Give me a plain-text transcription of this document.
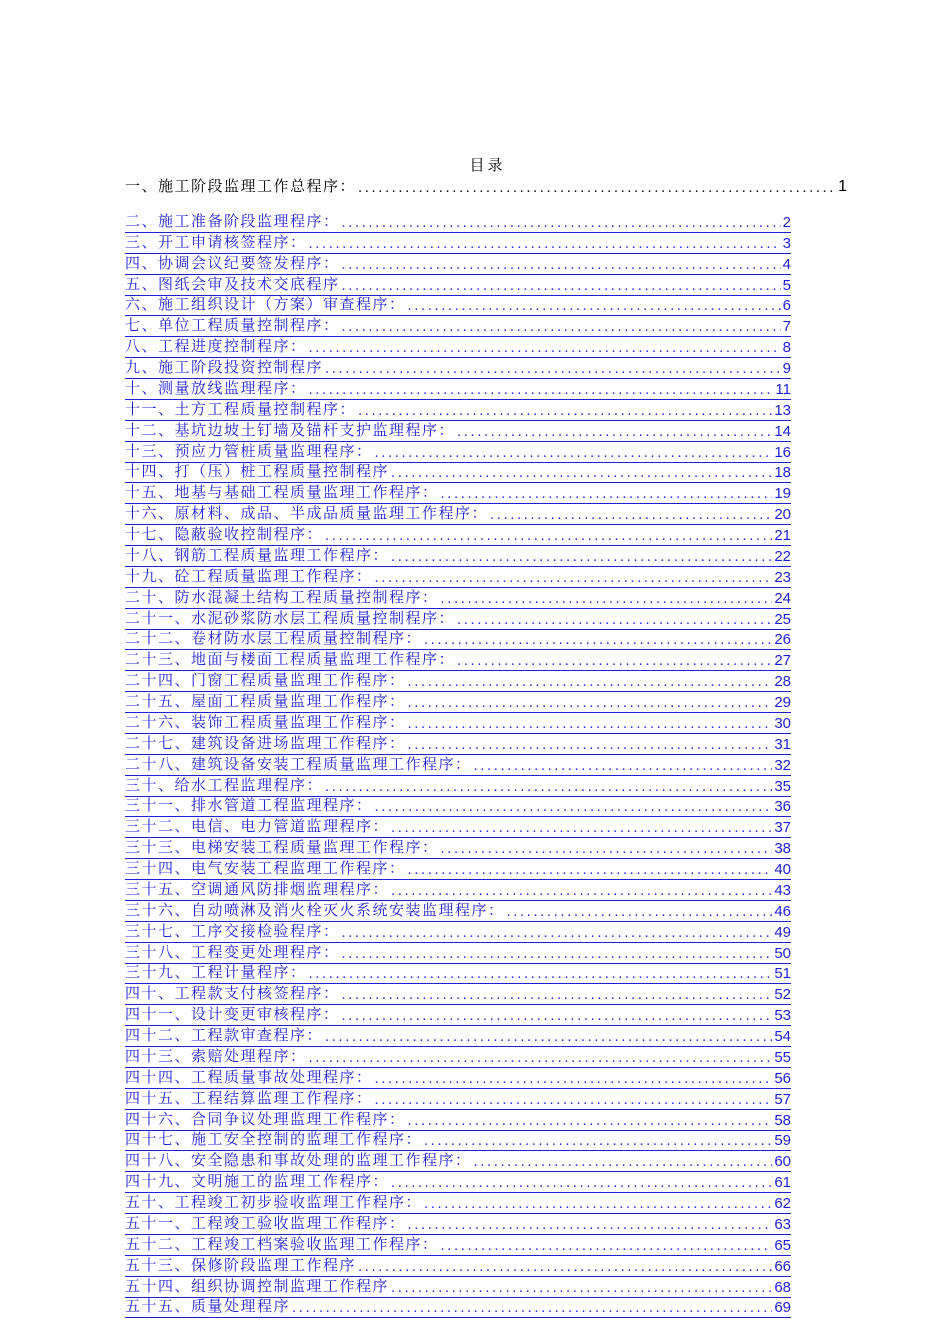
目录
一、施工阶段监理工作总程序： .....	1
二、施工准备阶段监理程序： .....	2
三、开工申请核签程序： .....	3
四、协调会议纪要签发程序： .....	4
五、图纸会审及技术交底程序 .....	5
六、施工组织设计（方案）审查程序： .....	6
七、单位工程质量控制程序： .....	7
八、工程进度控制程序： .....	8
九、施工阶段投资控制程序 .....	9
十、测量放线监理程序： .....	11
十一、土方工程质量控制程序： .....	13
十二、基坑边坡土钉墙及锚杆支护监理程序： .....	14
十三、预应力管桩质量监理程序： .....	16
十四、打（压）桩工程质量控制程序 .....	18
十五、地基与基础工程质量监理工作程序： .....	19
十六、原材料、成品、半成品质量监理工作程序： .....	20
十七、隐蔽验收控制程序： .....	21
十八、钢筋工程质量监理工作程序： .....	22
十九、砼工程质量监理工作程序： .....	23
二十、防水混凝土结构工程质量控制程序： .....	24
二十一、水泥砂浆防水层工程质量控制程序： .....	25
二十二、卷材防水层工程质量控制程序： .....	26
二十三、地面与楼面工程质量监理工作程序： .....	27
二十四、门窗工程质量监理工作程序： .....	28
二十五、屋面工程质量监理工作程序： .....	29
二十六、装饰工程质量监理工作程序： .....	30
二十七、建筑设备进场监理工作程序： .....	31
二十八、建筑设备安装工程质量监理工作程序： .....	32
三十、给水工程监理程序： .....	35
三十一、排水管道工程监理程序： .....	36
三十二、电信、电力管道监理程序： .....	37
三十三、电梯安装工程质量监理工作程序： .....	38
三十四、电气安装工程监理工作程序： .....	40
三十五、空调通风防排烟监理程序： .....	43
三十六、自动喷淋及消火栓灭火系统安装监理程序： .....	46
三十七、工序交接检验程序： .....	49
三十八、工程变更处理程序： .....	50
三十九、工程计量程序： .....	51
四十、工程款支付核签程序： .....	52
四十一、设计变更审核程序： .....	53
四十二、工程款审查程序： .....	54
四十三、索赔处理程序： .....	55
四十四、工程质量事故处理程序： .....	56
四十五、工程结算监理工作程序： .....	57
四十六、合同争议处理监理工作程序： .....	58
四十七、施工安全控制的监理工作程序： .....	59
四十八、安全隐患和事故处理的监理工作程序： .....	60
四十九、文明施工的监理工作程序： .....	61
五十、工程竣工初步验收监理工作程序： .....	62
五十一、工程竣工验收监理工作程序： .....	63
五十二、工程竣工档案验收监理工作程序： .....	65
五十三、保修阶段监理工作程序 .....	66
五十四、组织协调控制监理工作程序 .....	68
五十五、质量处理程序 .....	69
